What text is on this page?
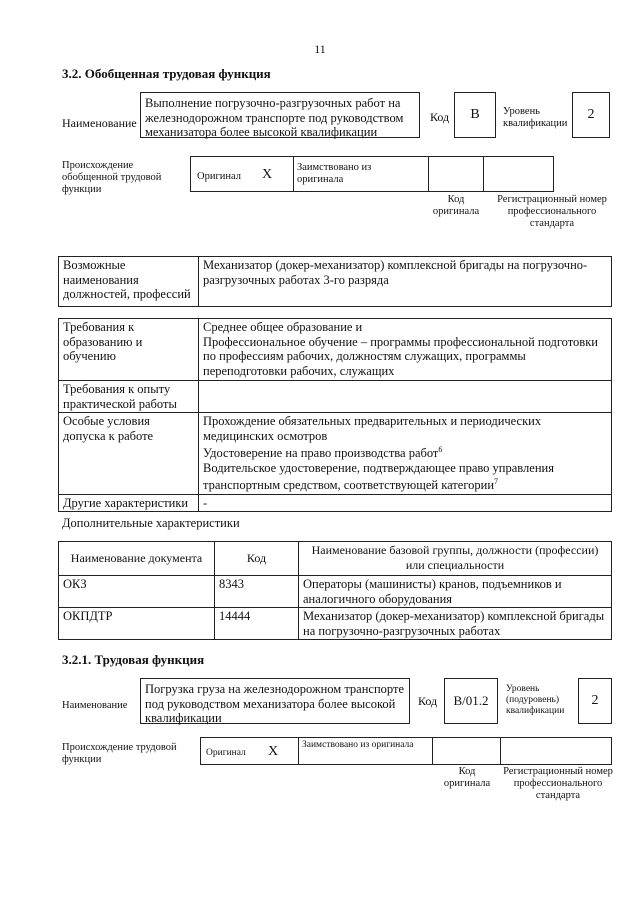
11
3.2. Обобщенная трудовая функция
Наименование
Выполнение погрузочно-разгрузочных работ на железнодорожном транспорте под руководством механизатора более высокой квалификации
Код	В	Уровень квалификации
2
Происхождение обобщенной трудовой функции
Оригинал Х Заимствовано из оригинала
Код оригинала
Регистрационный номер профессионального стандарта
Возможные наименования должностей, профессий	Механизатор (докер-механизатор) комплексной бригады на погрузочно-разгрузочных работах 3-го разряда
Требования к образованию и обучению	Среднее общее образование и
Профессиональное обучение – программы профессиональной подготовки по профессиям рабочих, должностям служащих, программы переподготовки рабочих, служащих

Требования к опыту практической работы	
Особые условия допуска к работе	Прохождение обязательных предварительных и периодических медицинских осмотров
Удостоверение на право производства работ$^6$
Водительское удостоверение, подтверждающее право управления транспортным средством, соответствующей категории$^7$

Другие характеристики	-
Дополнительные характеристики
Наименование документа	Код	Наименование базовой группы, должности (профессии) или специальности
ОКЗ	8343	Операторы (машинисты) кранов, подъемников и аналогичного оборудования
ОКПДТР	14444	Механизатор (докер-механизатор) комплексной бригады на погрузочно-разгрузочных работах
3.2.1. Трудовая функция
Наименование
Погрузка груза на железнодорожном транспорте под руководством механизатора более высокой квалификации
Код	В/01.2
Уровень (подуровень) квалификации
2
Происхождение трудовой функции
Оригинал Х	Заимствовано из оригинала
Код оригинала
Регистрационный номер профессионального стандарта
